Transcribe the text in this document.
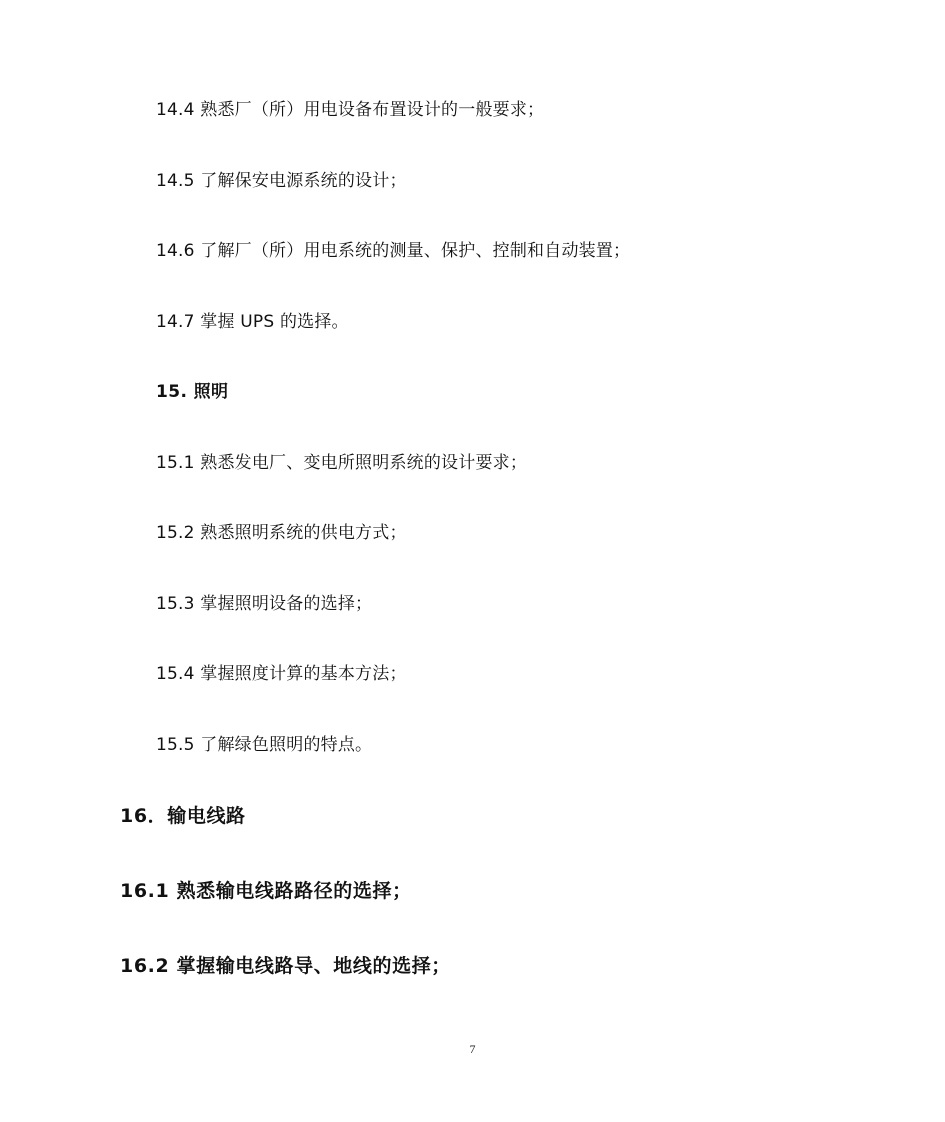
14.4 熟悉厂（所）用电设备布置设计的一般要求；
14.5 了解保安电源系统的设计；
14.6 了解厂（所）用电系统的测量、保护、控制和自动装置；
14.7 掌握 UPS 的选择。
15. 照明
15.1 熟悉发电厂、变电所照明系统的设计要求；
15.2 熟悉照明系统的供电方式；
15.3 掌握照明设备的选择；
15.4 掌握照度计算的基本方法；
15.5 了解绿色照明的特点。
16．输电线路
16.1 熟悉输电线路路径的选择；
16.2 掌握输电线路导、地线的选择；
7
